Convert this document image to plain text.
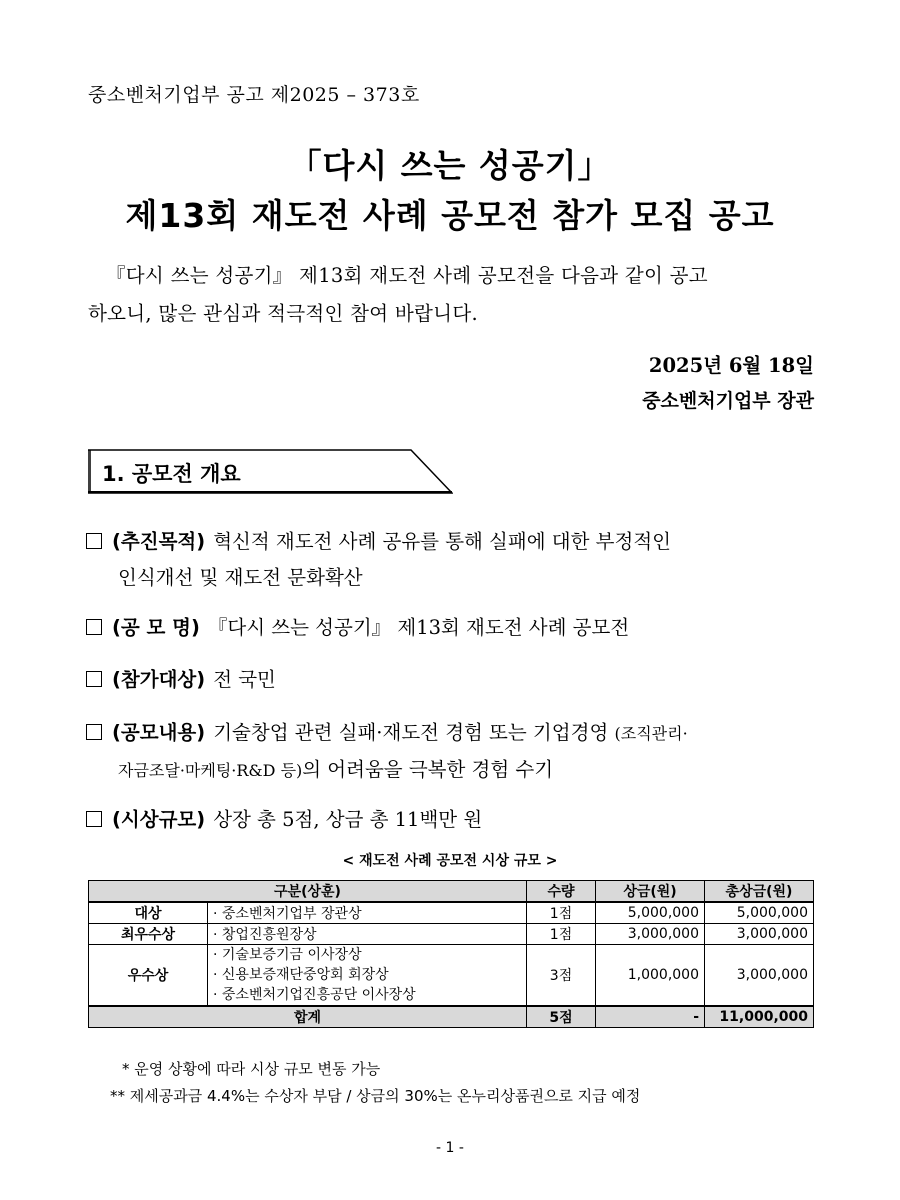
중소벤처기업부 공고 제2025 – 373호
「다시 쓰는 성공기」
제13회 재도전 사례 공모전 참가 모집 공고
『다시 쓰는 성공기』 제13회 재도전 사례 공모전을 다음과 같이 공고
하오니, 많은 관심과 적극적인 참여 바랍니다.
2025년 6월 18일
중소벤처기업부 장관
1. 공모전 개요
(추진목적) 혁신적 재도전 사례 공유를 통해 실패에 대한 부정적인
인식개선 및 재도전 문화확산
(공 모 명) 『다시 쓰는 성공기』 제13회 재도전 사례 공모전
(참가대상) 전 국민
(공모내용) 기술창업 관련 실패·재도전 경험 또는 기업경영 (조직관리·
자금조달·마케팅·R&D 등)의 어려움을 극복한 경험 수기
(시상규모) 상장 총 5점, 상금 총 11백만 원
< 재도전 사례 공모전 시상 규모 >
구분(상훈)		수량	상금(원)	총상금(원)
대상	· 중소벤처기업부 장관상	1점	5,000,000	5,000,000
최우수상	· 창업진흥원장상	1점	3,000,000	3,000,000
우수상	· 기술보증기금 이사장상
· 신용보증재단중앙회 회장상
· 중소벤처기업진흥공단 이사장상	3점	1,000,000	3,000,000
합계		5점	-	11,000,000
* 운영 상황에 따라 시상 규모 변동 가능
** 제세공과금 4.4%는 수상자 부담 / 상금의 30%는 온누리상품권으로 지급 예정
- 1 -
